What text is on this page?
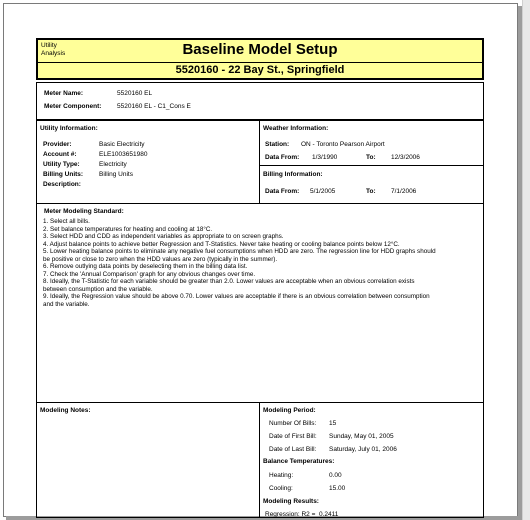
Utility
Analysis	Baseline Model Setup
5520160 - 22 Bay St., Springfield
Meter Name:	5520160 EL
Meter Component: 5520160 EL - C1_Cons E
Utility Information:
Provider:	Basic Electricity
Account #:	ELE1003651980
Utility Type:	Electricity
Billing Units: Billing Units
Description:
Weather Information:
Station: ON - Toronto Pearson Airport
Data From: 1/3/1990	To: 12/3/2006
Billing Information:
Data From: 5/1/2005	To: 7/1/2006
Meter Modeling Standard:
1. Select all bills.
2. Set balance temperatures for heating and cooling at 18°C.
3. Select HDD and CDD as independent variables as appropriate to on screen graphs.
4. Adjust balance points to achieve better Regression and T-Statistics. Never take heating or cooling balance points below 12°C.
5. Lower heating balance points to eliminate any negative fuel consumptions when HDD are zero. The regression line for HDD graphs should
be positive or close to zero when the HDD values are zero (typically in the summer).
6. Remove outlying data points by deselecting them in the billing data list.
7. Check the 'Annual Comparison' graph for any obvious changes over time.
8. Ideally, the T-Statistic for each variable should be greater than 2.0. Lower values are acceptable when an obvious correlation exists
between consumption and the variable.
9. Ideally, the Regression value should be above 0.70. Lower values are acceptable if there is an obvious correlation between consumption
and the variable.
Modeling Notes:	Modeling Period:
Number Of Bills: 15
Date of First Bill: Sunday, May 01, 2005
Date of Last Bill: Saturday, July 01, 2006
Balance Temperatures:
Heating:	0.00
Cooling:	15.00
Modeling Results:
Regression: R2 = 0.2411
